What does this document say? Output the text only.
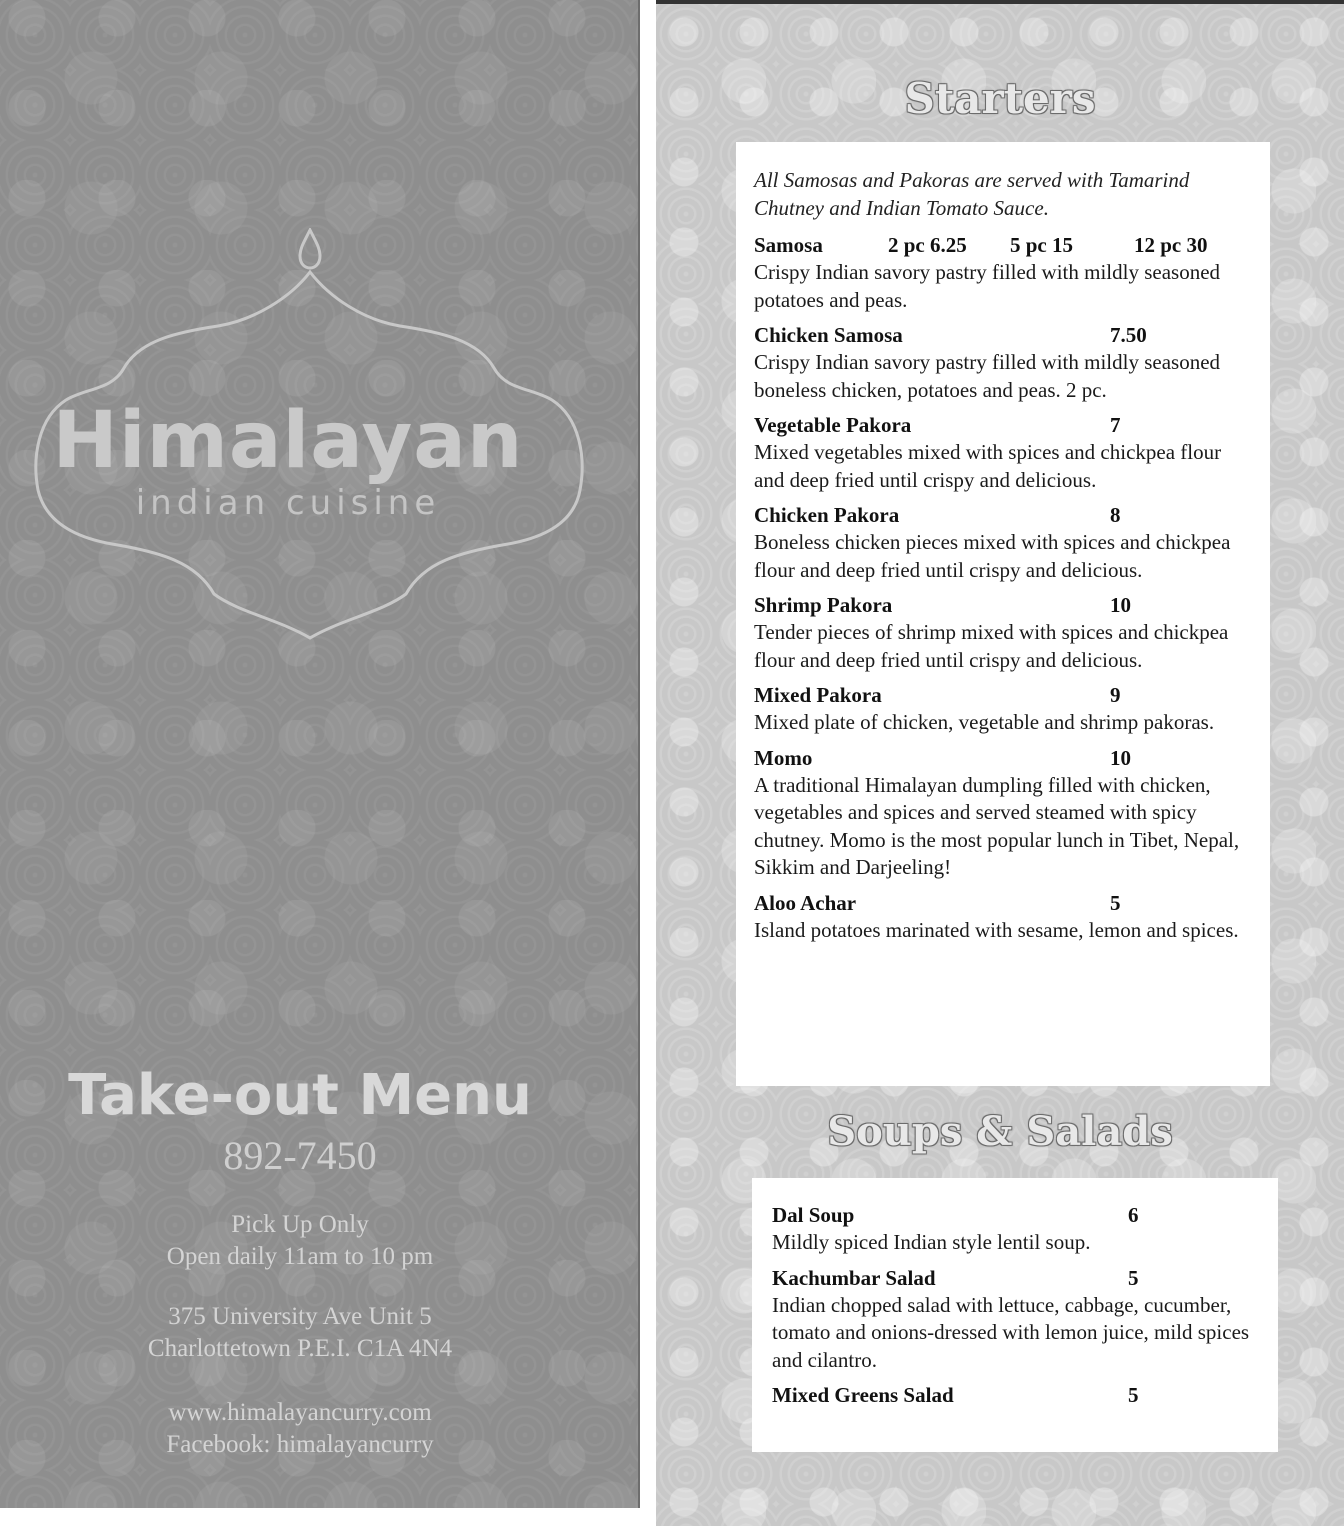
Himalayan
indian cuisine
Take-out Menu
892-7450
Pick Up Only
Open daily 11am to 10 pm
375 University Ave Unit 5
Charlottetown P.E.I. C1A 4N4
www.himalayancurry.com
Facebook: himalayancurry
Starters
All Samosas and Pakoras are served with Tamarind Chutney and Indian Tomato Sauce.
Samosa	2 pc 6.25	5 pc 15	12 pc 30
Crispy Indian savory pastry filled with mildly seasoned potatoes and peas.
Chicken Samosa	7.50
Crispy Indian savory pastry filled with mildly seasoned boneless chicken, potatoes and peas. 2 pc.
Vegetable Pakora	7
Mixed vegetables mixed with spices and chickpea flour and deep fried until crispy and delicious.
Chicken Pakora	8
Boneless chicken pieces mixed with spices and chickpea flour and deep fried until crispy and delicious.
Shrimp Pakora	10
Tender pieces of shrimp mixed with spices and chickpea flour and deep fried until crispy and delicious.
Mixed Pakora	9
Mixed plate of chicken, vegetable and shrimp pakoras.
Momo	10
A traditional Himalayan dumpling filled with chicken, vegetables and spices and served steamed with spicy chutney. Momo is the most popular lunch in Tibet, Nepal, Sikkim and Darjeeling!
Aloo Achar	5
Island potatoes marinated with sesame, lemon and spices.
Soups & Salads
Dal Soup	6
Mildly spiced Indian style lentil soup.
Kachumbar Salad	5
Indian chopped salad with lettuce, cabbage, cucumber, tomato and onions-dressed with lemon juice, mild spices and cilantro.
Mixed Greens Salad	5
